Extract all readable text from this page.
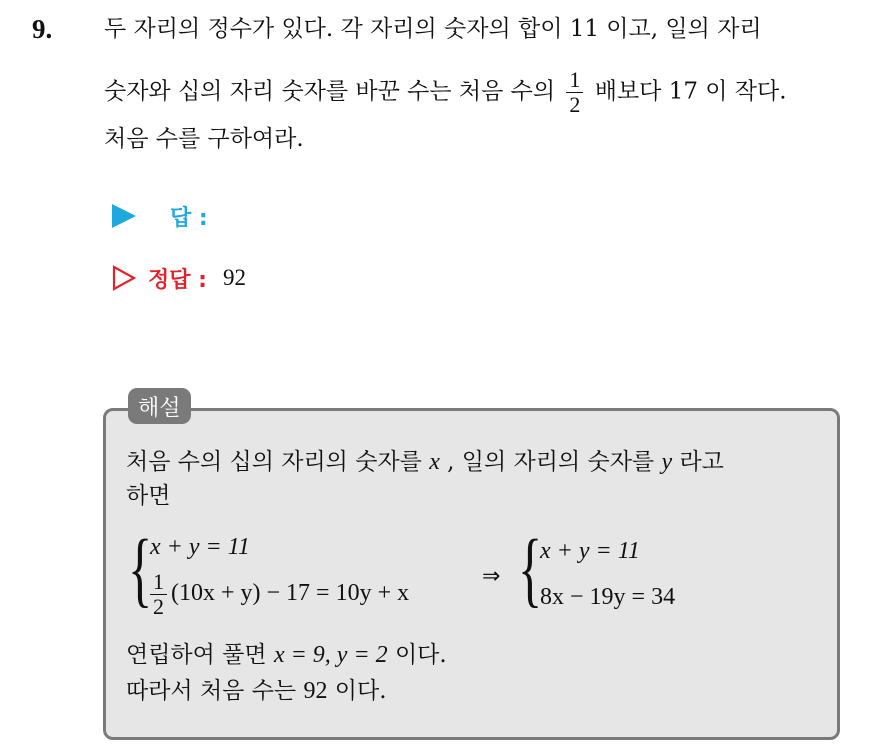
9. 두 자리의 정수가 있다. 각 자리의 숫자의 합이 11 이고, 일의 자리
숫자와 십의 자리 숫자를 바꾼 수는 처음 수의 $\frac{1}{2}$ 배보다 17 이 작다.
처음 수를 구하여라.
답 :
정답 : 92
해설
처음 수의 십의 자리의 숫자를 x , 일의 자리의 숫자를 y 라고
하면
{
x + y = 11
$\frac{1}{2} (10x + y) - 17 = 10y + x$
⇒ {
x + y = 11
8x − 19y = 34
연립하여 풀면 x = 9, y = 2 이다.
따라서 처음 수는 92 이다.
